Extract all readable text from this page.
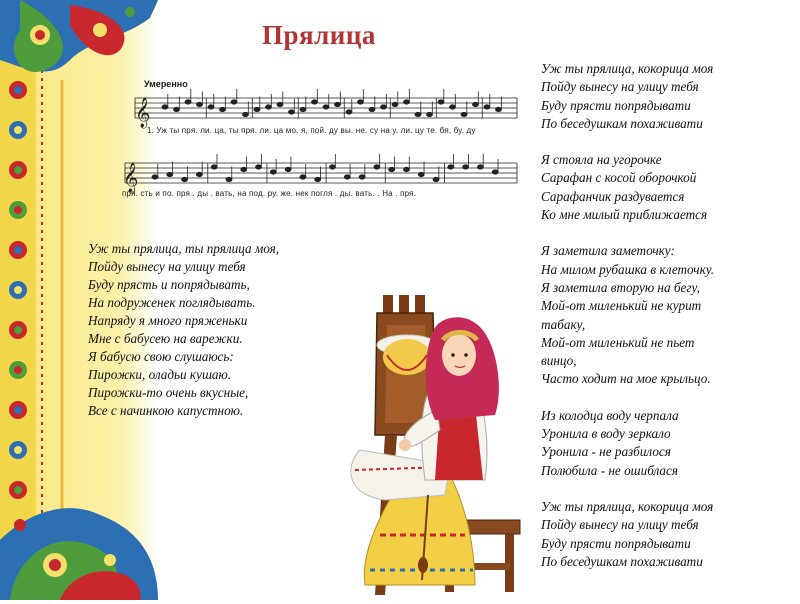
Прялица
Умеренно
𝄞
𝄞
1. Уж ты пря. ли. ца, ты пря. ли. ца мо. я, пой. ду вы. не. су на у. ли. цу те. бя, бу. ду
пря. сть и по. пря . ды . вать, на под. ру. же. нек погля . ды. вать. . На . пря.
Уж ты прялица, ты прялица моя,
Пойду вынесу на улицу тебя
Буду прясть и попрядывать,
На подруженек поглядывать.
Напряду я много пряженьки
Мне с бабусею на варежки.
Я бабусю свою слушаюсь:
Пирожки, оладьи кушаю.
Пирожки-то очень вкусные,
Все с начинкою капустною.
Уж ты прялица, кокорица моя
Пойду вынесу на улицу тебя
Буду прясти попрядывати
По беседушкам похаживати
Я стояла на угорочке
Сарафан с косой оборочкой
Сарафанчик раздувается
Ко мне милый приближается
Я заметила заметочку:
На милом рубашка в клеточку.
Я заметила вторую на бегу,
Мой-от миленький не курит
табаку,
Мой-от миленький не пьет
винцо,
Часто ходит на мое крыльцо.
Из колодца воду черпала
Уронила в воду зеркало
Уронила - не разбилося
Полюбила - не ошиблася
Уж ты прялица, кокорица моя
Пойду вынесу на улицу тебя
Буду прясти попрядывати
По беседушкам похаживати
